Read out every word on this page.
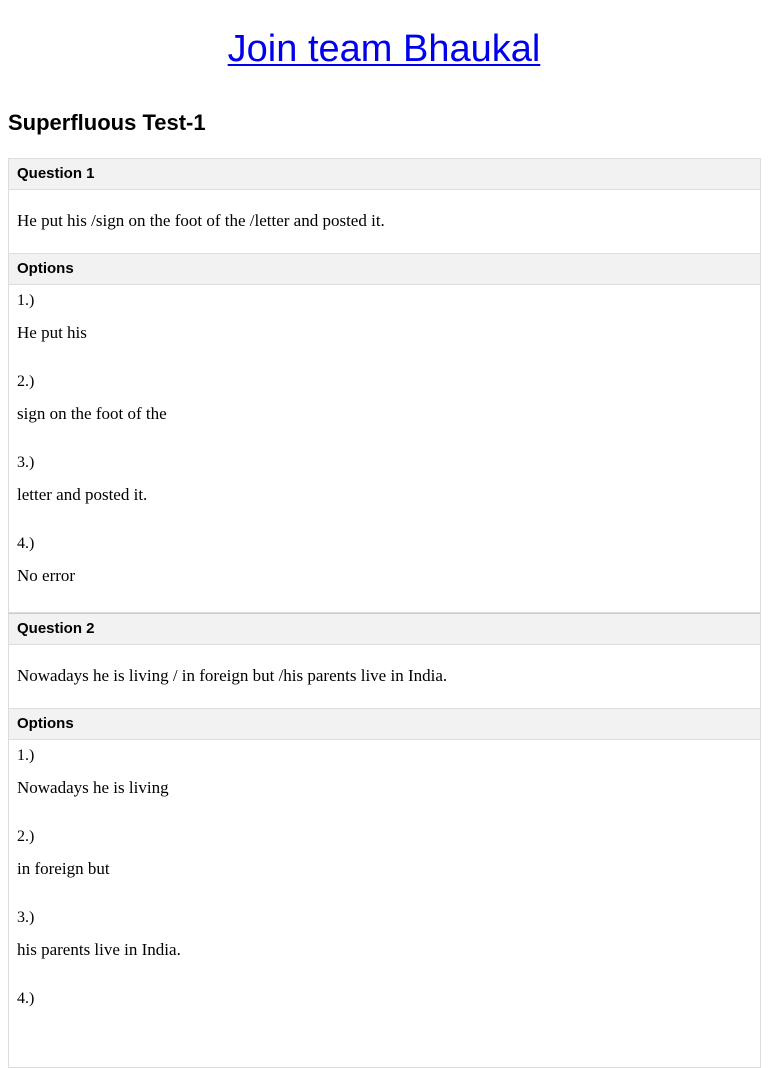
Join team Bhaukal
Superfluous Test-1
Question 1
He put his /sign on the foot of the /letter and posted it.
Options
1.)
He put his
2.)
sign on the foot of the
3.)
letter and posted it.
4.)
No error
Question 2
Nowadays he is living / in foreign but /his parents live in India.
Options
1.)
Nowadays he is living
2.)
in foreign but
3.)
his parents live in India.
4.)
